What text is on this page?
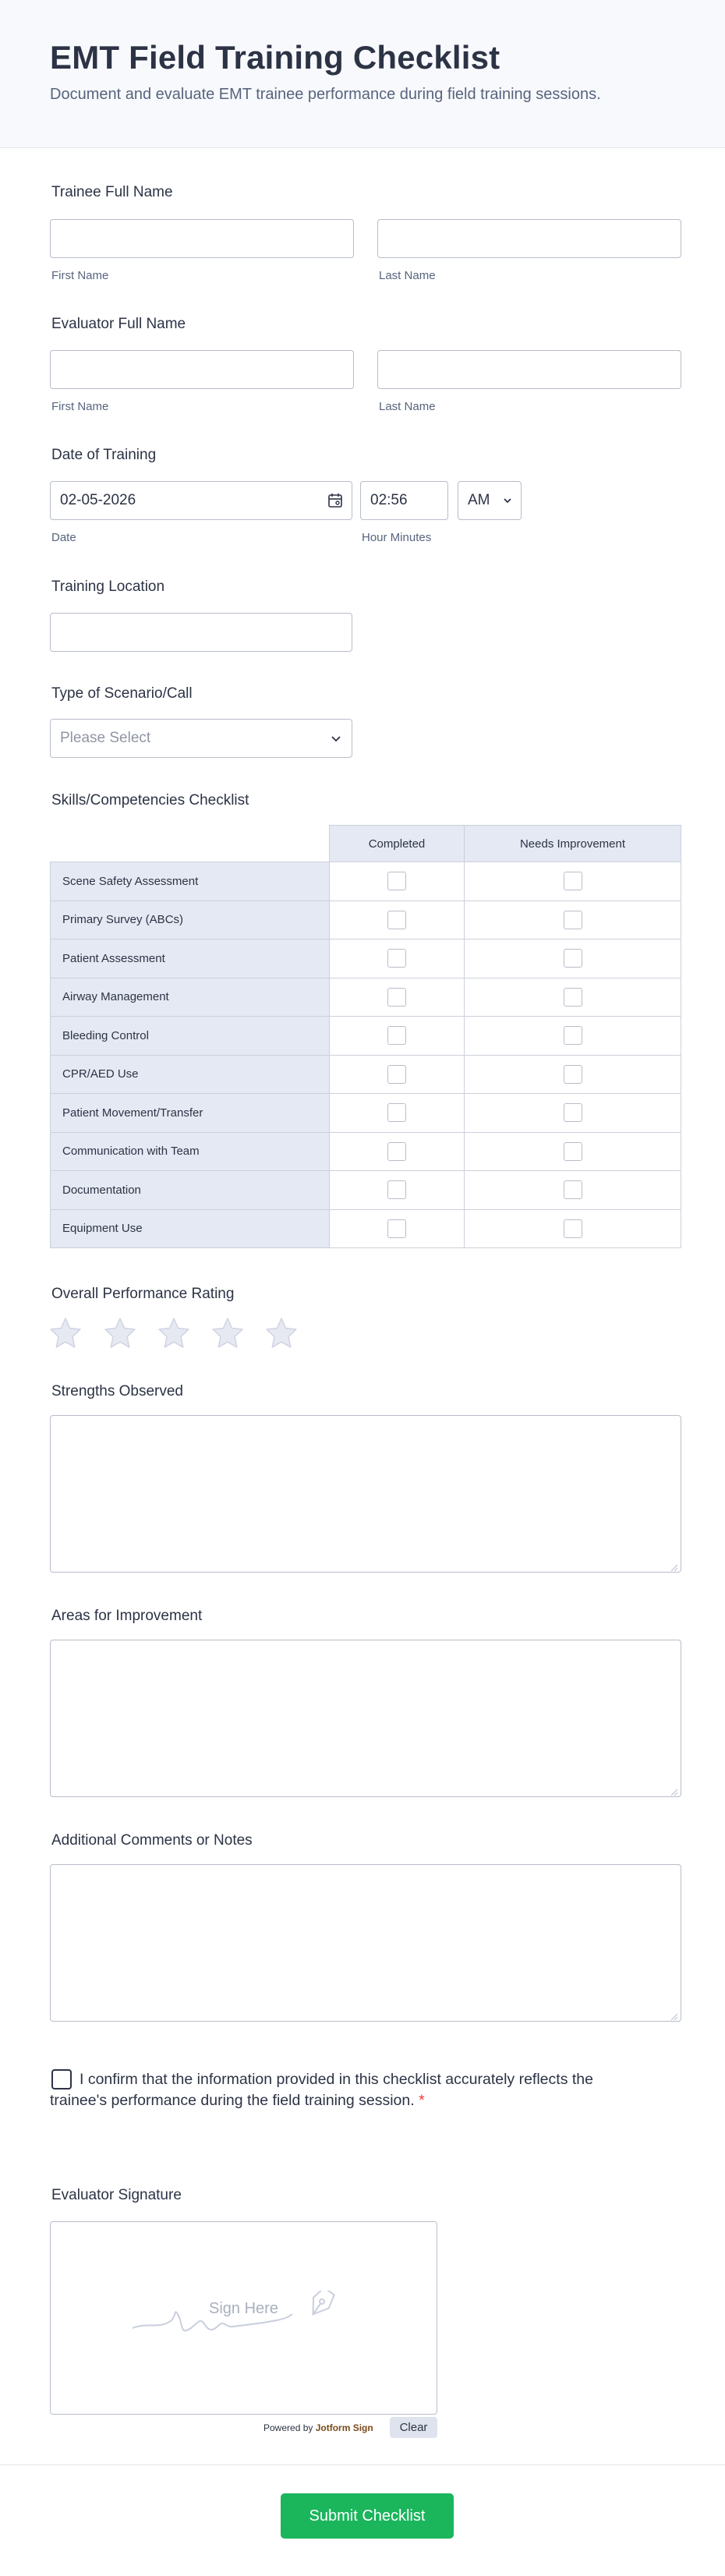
EMT Field Training Checklist
Document and evaluate EMT trainee performance during field training sessions.
Trainee Full Name
First Name	Last Name
Evaluator Full Name
First Name	Last Name
Date of Training
02-05-2026	02:56	AM
Date	Hour Minutes
Training Location
Type of Scenario/Call
Please Select
Skills/Competencies Checklist
	Completed	Needs Improvement
Scene Safety Assessment		
Primary Survey (ABCs)		
Patient Assessment		
Airway Management		
Bleeding Control		
CPR/AED Use		
Patient Movement/Transfer		
Communication with Team		
Documentation		
Equipment Use		
Overall Performance Rating
Strengths Observed
Areas for Improvement
Additional Comments or Notes
I confirm that the information provided in this checklist accurately reflects the trainee's performance during the field training session. *
Evaluator Signature
Sign Here
Powered by Jotform Sign	Clear
Submit Checklist
